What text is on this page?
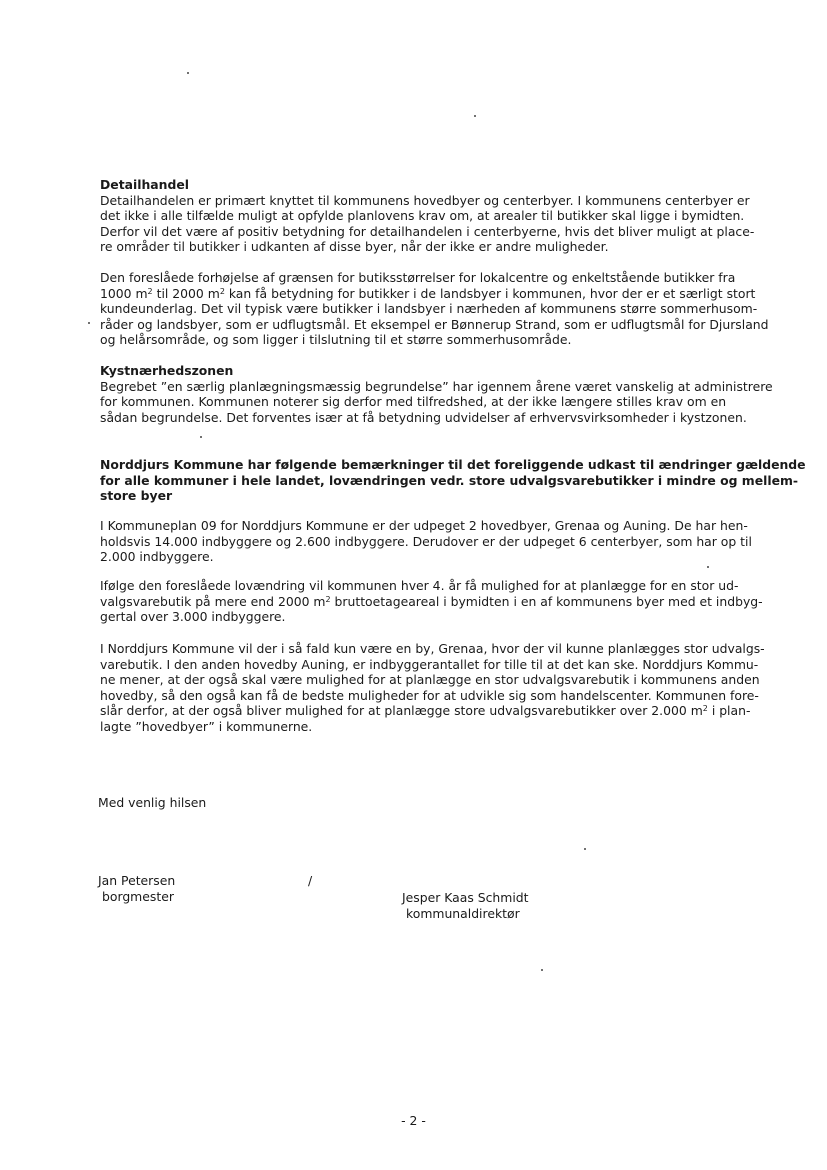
Detailhandel
Detailhandelen er primært knyttet til kommunens hovedbyer og centerbyer. I kommunens centerbyer er
det ikke i alle tilfælde muligt at opfylde planlovens krav om, at arealer til butikker skal ligge i bymidten.
Derfor vil det være af positiv betydning for detailhandelen i centerbyerne, hvis det bliver muligt at place-
re områder til butikker i udkanten af disse byer, når der ikke er andre muligheder.
Den foreslåede forhøjelse af grænsen for butiksstørrelser for lokalcentre og enkeltstående butikker fra
1000 $m^2$ til 2000 $m^2$ kan få betydning for butikker i de landsbyer i kommunen, hvor der er et særligt stort
kundeunderlag. Det vil typisk være butikker i landsbyer i nærheden af kommunens større sommerhusom-
råder og landsbyer, som er udflugtsmål. Et eksempel er Bønnerup Strand, som er udflugtsmål for Djursland
og helårsområde, og som ligger i tilslutning til et større sommerhusområde.
Kystnærhedszonen
Begrebet ”en særlig planlægningsmæssig begrundelse” har igennem årene været vanskelig at administrere
for kommunen. Kommunen noterer sig derfor med tilfredshed, at der ikke længere stilles krav om en
sådan begrundelse. Det forventes især at få betydning udvidelser af erhvervsvirksomheder i kystzonen.
Norddjurs Kommune har følgende bemærkninger til det foreliggende udkast til ændringer gældende
for alle kommuner i hele landet, lovændringen vedr. store udvalgsvarebutikker i mindre og mellem-
store byer
I Kommuneplan 09 for Norddjurs Kommune er der udpeget 2 hovedbyer, Grenaa og Auning. De har hen-
holdsvis 14.000 indbyggere og 2.600 indbyggere. Derudover er der udpeget 6 centerbyer, som har op til
2.000 indbyggere.
Ifølge den foreslåede lovændring vil kommunen hver 4. år få mulighed for at planlægge for en stor ud-
valgsvarebutik på mere end 2000 $m^2$ bruttoetageareal i bymidten i en af kommunens byer med et indbyg-
gertal over 3.000 indbyggere.
I Norddjurs Kommune vil der i så fald kun være en by, Grenaa, hvor der vil kunne planlægges stor udvalgs-
varebutik. I den anden hovedby Auning, er indbyggerantallet for tille til at det kan ske. Norddjurs Kommu-
ne mener, at der også skal være mulighed for at planlægge en stor udvalgsvarebutik i kommunens anden
hovedby, så den også kan få de bedste muligheder for at udvikle sig som handelscenter. Kommunen fore-
slår derfor, at der også bliver mulighed for at planlægge store udvalgsvarebutikker over 2.000 $m^2$ i plan-
lagte ”hovedbyer” i kommunerne.
Med venlig hilsen
Jan Petersen
borgmester
/
Jesper Kaas Schmidt
kommunaldirektør
- 2 -
